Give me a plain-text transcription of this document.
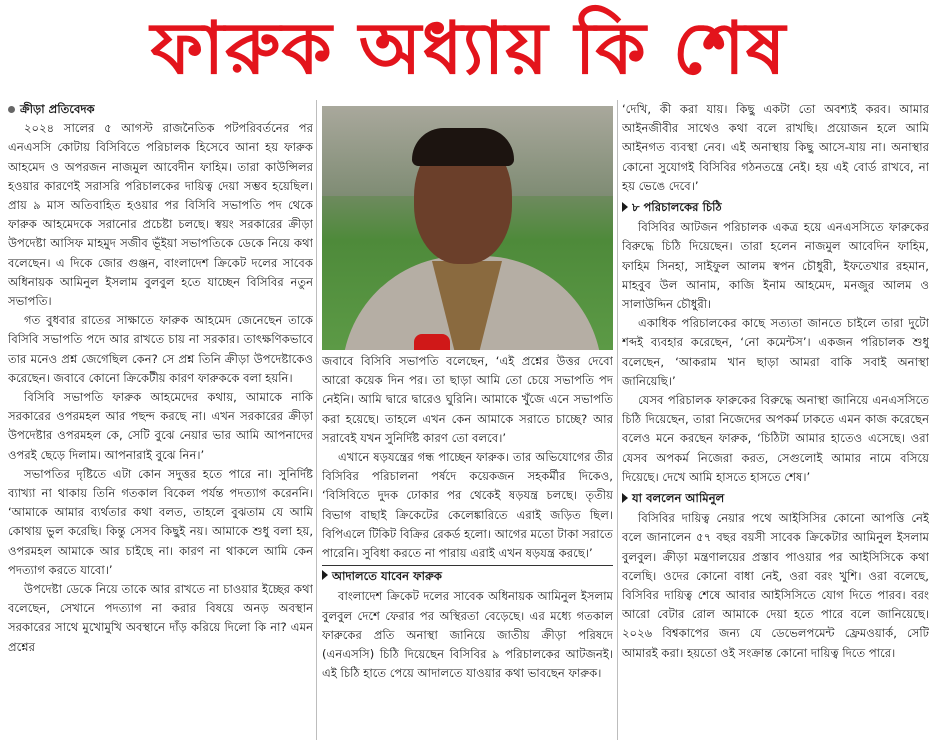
ফারুক অধ্যায় কি শেষ
ক্রীড়া প্রতিবেদক

২০২৪ সালের ৫ আগস্ট রাজনৈতিক পটপরিবর্তনের পর এনএসসি কোটায় বিসিবিতে পরিচালক হিসেবে আনা হয় ফারুক আহমেদ ও অপরজন নাজমুল আবেদীন ফাহিম। তারা কাউন্সিলর হওয়ার কারণেই সরাসরি পরিচালকের দায়িত্ব দেয়া সম্ভব হয়েছিল। প্রায় ৯ মাস অতিবাহিত হওয়ার পর বিসিবি সভাপতি পদ থেকে ফারুক আহমেদকে সরানোর প্রচেষ্টা চলছে। স্বয়ং সরকারের ক্রীড়া উপদেষ্টা আসিফ মাহমুদ সজীব ভূঁইয়া সভাপতিকে ডেকে নিয়ে কথা বলেছেন। এ দিকে জোর গুঞ্জন, বাংলাদেশ ক্রিকেট দলের সাবেক অধিনায়ক আমিনুল ইসলাম বুলবুল হতে যাচ্ছেন বিসিবির নতুন সভাপতি।

গত বুধবার রাতের সাক্ষাতে ফারুক আহমেদ জেনেছেন তাকে বিসিবি সভাপতি পদে আর রাখতে চায় না সরকার। তাৎক্ষণিকভাবে তার মনেও প্রশ্ন জেগেছিল কেন? সে প্রশ্ন তিনি ক্রীড়া উপদেষ্টাকেও করেছেন। জবাবে কোনো ক্রিকেটীয় কারণ ফারুককে বলা হয়নি।

বিসিবি সভাপতি ফারুক আহমেদের কথায়, আমাকে নাকি সরকারের ওপরমহল আর পছন্দ করছে না। এখন সরকারের ক্রীড়া উপদেষ্টার ওপরমহল কে, সেটি বুঝে নেয়ার ভার আমি আপনাদের ওপরই ছেড়ে দিলাম। আপনারাই বুঝে নিন।’

সভাপতির দৃষ্টিতে এটা কোন সদুত্তর হতে পারে না। সুনির্দিষ্ট ব্যাখ্যা না থাকায় তিনি গতকাল বিকেল পর্যন্ত পদত্যাগ করেননি। ‘আমাকে আমার ব্যর্থতার কথা বলত, তাহলে বুঝতাম যে আমি কোথায় ভুল করেছি। কিন্তু সেসব কিছুই নয়। আমাকে শুধু বলা হয়, ওপরমহল আমাকে আর চাইছে না। কারণ না থাকলে আমি কেন পদত্যাগ করতে যাবো।’

উপদেষ্টা ডেকে নিয়ে তাকে আর রাখতে না চাওয়ার ইচ্ছের কথা বলেছেন, সেখানে পদত্যাগ না করার বিষয়ে অনড় অবস্থান সরকারের সাথে মুখোমুখি অবস্থানে দাঁড় করিয়ে দিলো কি না? এমন প্রশ্নের

জবাবে বিসিবি সভাপতি বলেছেন, ‘এই প্রশ্নের উত্তর দেবো আরো কয়েক দিন পর। তা ছাড়া আমি তো চেয়ে সভাপতি পদ নেইনি। আমি দ্বারে দ্বারেও ঘুরিনি। আমাকে খুঁজে এনে সভাপতি করা হয়েছে। তাহলে এখন কেন আমাকে সরাতে চাচ্ছে? আর সরাবেই যখন সুনির্দিষ্ট কারণ তো বলবে।’

এখানে ষড়যন্ত্রের গন্ধ পাচ্ছেন ফারুক। তার অভিযোগের তীর বিসিবির পরিচালনা পর্ষদে কয়েকজন সহকর্মীর দিকেও, ‘বিসিবিতে দুদক ঢোকার পর থেকেই ষড়যন্ত্র চলছে। তৃতীয় বিভাগ বাছাই ক্রিকেটের কেলেঙ্কারিতে এরাই জড়িত ছিল। বিপিএলে টিকিট বিক্রির রেকর্ড হলো। আগের মতো টাকা সরাতে পারেনি। সুবিধা করতে না পারায় এরাই এখন ষড়যন্ত্র করছে।’

আদালতে যাবেন ফারুক

বাংলাদেশ ক্রিকেট দলের সাবেক অধিনায়ক আমিনুল ইসলাম বুলবুল দেশে ফেরার পর অস্থিরতা বেড়েছে। এর মধ্যে গতকাল ফারুকের প্রতি অনাস্থা জানিয়ে জাতীয় ক্রীড়া পরিষদে (এনএসসি) চিঠি দিয়েছেন বিসিবির ৯ পরিচালকের আটজনই। এই চিঠি হাতে পেয়ে আদালতে যাওয়ার কথা ভাবছেন ফারুক।

‘দেখি, কী করা যায়। কিছু একটা তো অবশ্যই করব। আমার আইনজীবীর সাথেও কথা বলে রাখছি। প্রয়োজন হলে আমি আইনগত ব্যবস্থা নেব। এই অনাস্থায় কিছু আসে-যায় না। অনাস্থার কোনো সুযোগই বিসিবির গঠনতন্ত্রে নেই। হয় এই বোর্ড রাখবে, না হয় ভেঙে দেবে।’

৮ পরিচালকের চিঠি

বিসিবির আটজন পরিচালক একত্র হয়ে এনএসসিতে ফারুকের বিরুদ্ধে চিঠি দিয়েছেন। তারা হলেন নাজমুল আবেদিন ফাহিম, ফাহিম সিনহা, সাইফুল আলম স্বপন চৌধুরী, ইফতেখার রহমান, মাহবুব উল আনাম, কাজি ইনাম আহমেদ, মনজুর আলম ও সালাউদ্দিন চৌধুরী।

একাধিক পরিচালকের কাছে সত্যতা জানতে চাইলে তারা দুটো শব্দই ব্যবহার করেছেন, ‘নো কমেন্টস’। একজন পরিচালক শুধু বলেছেন, ‘আকরাম খান ছাড়া আমরা বাকি সবাই অনাস্থা জানিয়েছি।’

যেসব পরিচালক ফারুকের বিরুদ্ধে অনাস্থা জানিয়ে এনএসসিতে চিঠি দিয়েছেন, তারা নিজেদের অপকর্ম ঢাকতে এমন কাজ করেছেন বলেও মনে করছেন ফারুক, ‘চিঠিটা আমার হাতেও এসেছে। ওরা যেসব অপকর্ম নিজেরা করত, সেগুলোই আমার নামে বসিয়ে দিয়েছে। দেখে আমি হাসতে হাসতে শেষ।’

যা বললেন আমিনুল

বিসিবির দায়িত্ব নেয়ার পথে আইসিসির কোনো আপত্তি নেই বলে জানালেন ৫৭ বছর বয়সী সাবেক ক্রিকেটার আমিনুল ইসলাম বুলবুল। ক্রীড়া মন্ত্রণালয়ের প্রস্তাব পাওয়ার পর আইসিসিকে কথা বলেছি। ওদের কোনো বাধা নেই, ওরা বরং খুশি। ওরা বলেছে, বিসিবির দায়িত্ব শেষে আবার আইসিসিতে যোগ দিতে পারব। বরং আরো বেটার রোল আমাকে দেয়া হতে পারে বলে জানিয়েছে। ২০২৬ বিশ্বকাপের জন্য যে ডেভেলপমেন্ট ফ্রেমওয়ার্ক, সেটি আমারই করা। হয়তো ওই সংক্রান্ত কোনো দায়িত্ব দিতে পারে।
